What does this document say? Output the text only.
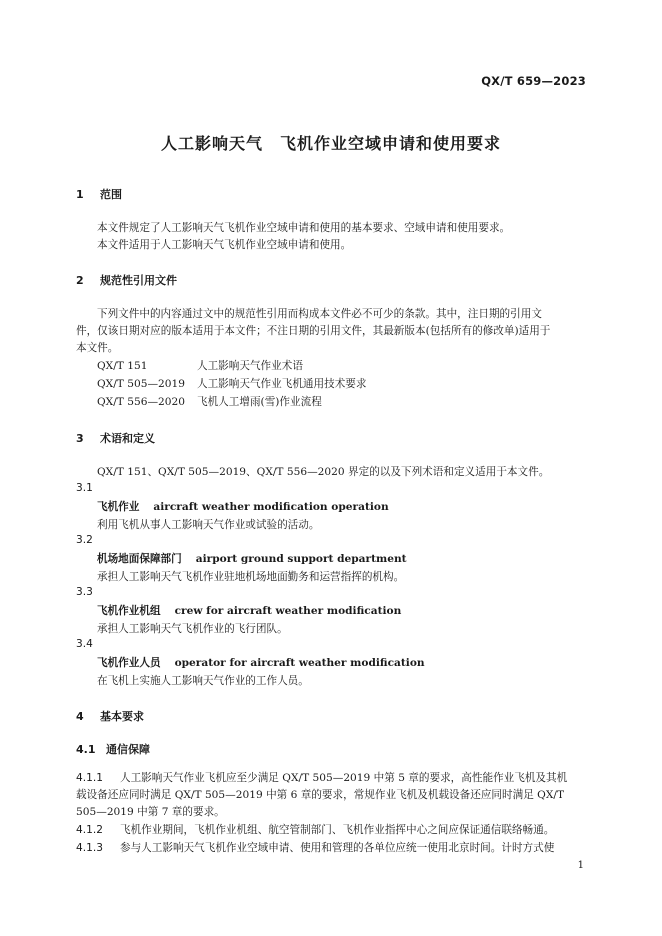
QX/T 659—2023
人工影响天气　飞机作业空域申请和使用要求
1 范围
本文件规定了人工影响天气飞机作业空域申请和使用的基本要求、空域申请和使用要求。
本文件适用于人工影响天气飞机作业空域申请和使用。
2 规范性引用文件
下列文件中的内容通过文中的规范性引用而构成本文件必不可少的条款。其中，注日期的引用文
件，仅该日期对应的版本适用于本文件；不注日期的引用文件，其最新版本(包括所有的修改单)适用于
本文件。
QX/T 151	人工影响天气作业术语
QX/T 505—2019 人工影响天气作业飞机通用技术要求
QX/T 556—2020 飞机人工增雨(雪)作业流程
3 术语和定义
QX/T 151、QX/T 505—2019、QX/T 556—2020 界定的以及下列术语和定义适用于本文件。
3.1
飞机作业 aircraft weather modification operation
利用飞机从事人工影响天气作业或试验的活动。
3.2
机场地面保障部门 airport ground support department
承担人工影响天气飞机作业驻地机场地面勤务和运营指挥的机构。
3.3
飞机作业机组 crew for aircraft weather modification
承担人工影响天气飞机作业的飞行团队。
3.4
飞机作业人员 operator for aircraft weather modification
在飞机上实施人工影响天气作业的工作人员。
4 基本要求
4.1 通信保障
4.1.1 人工影响天气作业飞机应至少满足 QX/T 505—2019 中第 5 章的要求，高性能作业飞机及其机
载设备还应同时满足 QX/T 505—2019 中第 6 章的要求，常规作业飞机及机载设备还应同时满足 QX/T
505—2019 中第 7 章的要求。
4.1.2 飞机作业期间，飞机作业机组、航空管制部门、飞机作业指挥中心之间应保证通信联络畅通。
4.1.3 参与人工影响天气飞机作业空域申请、使用和管理的各单位应统一使用北京时间。计时方式使
1
